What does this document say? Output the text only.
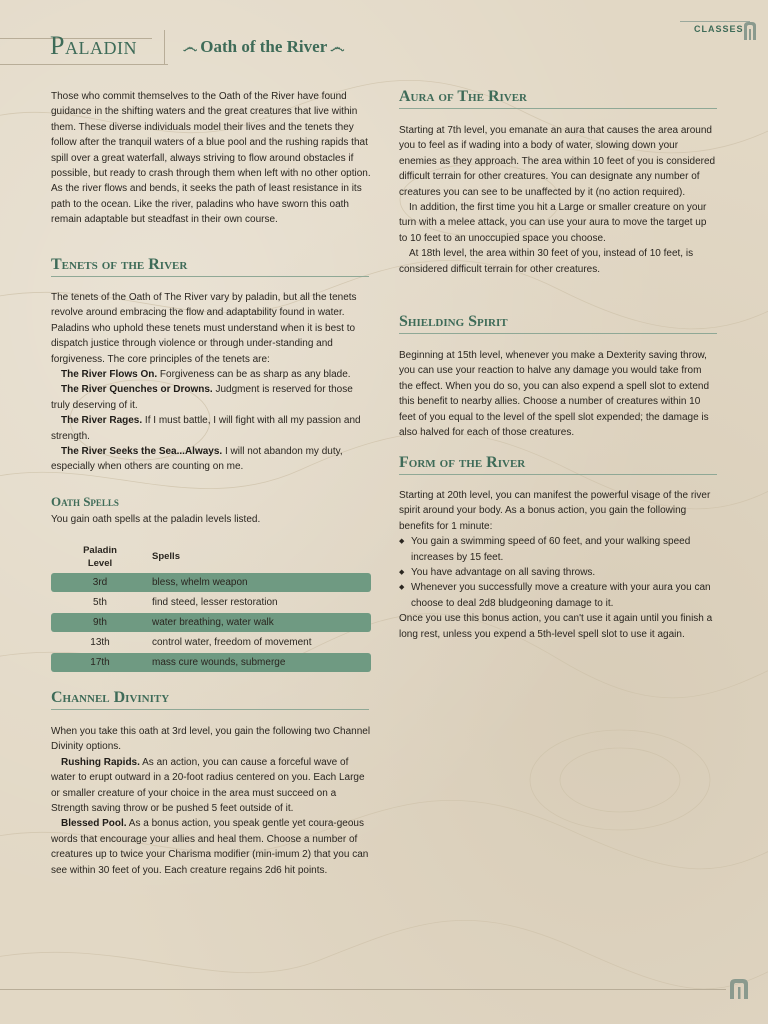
Paladin	෴ Oath of the River ෴
CLASSES

Those who commit themselves to the Oath of the River have found guidance in the shifting waters and the great creatures that live within them. These diverse individuals model their lives and the tenets they follow after the tranquil waters of a blue pool and the rushing rapids that spill over a great waterfall, always striving to flow around obstacles if possible, but ready to crash through them when left with no other option. As the river flows and bends, it seeks the path of least resistance in its path to the ocean. Like the river, paladins who have sworn this oath remain adaptable but steadfast in their own course.

Tenets of the River

The tenets of the Oath of The River vary by paladin, but all the tenets revolve around embracing the flow and adaptability found in water. Paladins who uphold these tenets must understand when it is best to dispatch justice through violence or through under-standing and forgiveness. The core principles of the tenets are:

The River Flows On. Forgiveness can be as sharp as any blade.

The River Quenches or Drowns. Judgment is reserved for those truly deserving of it.

The River Rages. If I must battle, I will fight with all my passion and strength.

The River Seeks the Sea...Always. I will not abandon my duty, especially when others are counting on me.

Oath Spells

You gain oath spells at the paladin levels listed.

Paladin
Level
Spells
3rd	bless, whelm weapon
5th	find steed, lesser restoration
9th	water breathing, water walk
13th	control water, freedom of movement
17th	mass cure wounds, submerge
Channel Divinity

When you take this oath at 3rd level, you gain the following two Channel Divinity options.

Rushing Rapids. As an action, you can cause a forceful wave of water to erupt outward in a 20-foot radius centered on you. Each Large or smaller creature of your choice in the area must succeed on a Strength saving throw or be pushed 5 feet outside of it.

Blessed Pool. As a bonus action, you speak gentle yet coura-geous words that encourage your allies and heal them. Choose a number of creatures up to twice your Charisma modifier (min-imum 2) that you can see within 30 feet of you. Each creature regains 2d6 hit points.

Aura of The River

Starting at 7th level, you emanate an aura that causes the area around you to feel as if wading into a body of water, slowing down your enemies as they approach. The area within 10 feet of you is considered difficult terrain for other creatures. You can designate any number of creatures you can see to be unaffected by it (no action required).

In addition, the first time you hit a Large or smaller creature on your turn with a melee attack, you can use your aura to move the target up to 10 feet to an unoccupied space you choose.

At 18th level, the area within 30 feet of you, instead of 10 feet, is considered difficult terrain for other creatures.

Shielding Spirit

Beginning at 15th level, whenever you make a Dexterity saving throw, you can use your reaction to halve any damage you would take from the effect. When you do so, you can also expend a spell slot to extend this benefit to nearby allies. Choose a number of creatures within 10 feet of you equal to the level of the spell slot expended; the damage is also halved for each of those creatures.

Form of the River

Starting at 20th level, you can manifest the powerful visage of the river spirit around your body. As a bonus action, you gain the following benefits for 1 minute:

◆ You gain a swimming speed of 60 feet, and your walking speed increases by 15 feet.
◆ You have advantage on all saving throws.
◆ Whenever you successfully move a creature with your aura you can choose to deal 2d8 bludgeoning damage to it.

Once you use this bonus action, you can't use it again until you finish a long rest, unless you expend a 5th-level spell slot to use it again.
